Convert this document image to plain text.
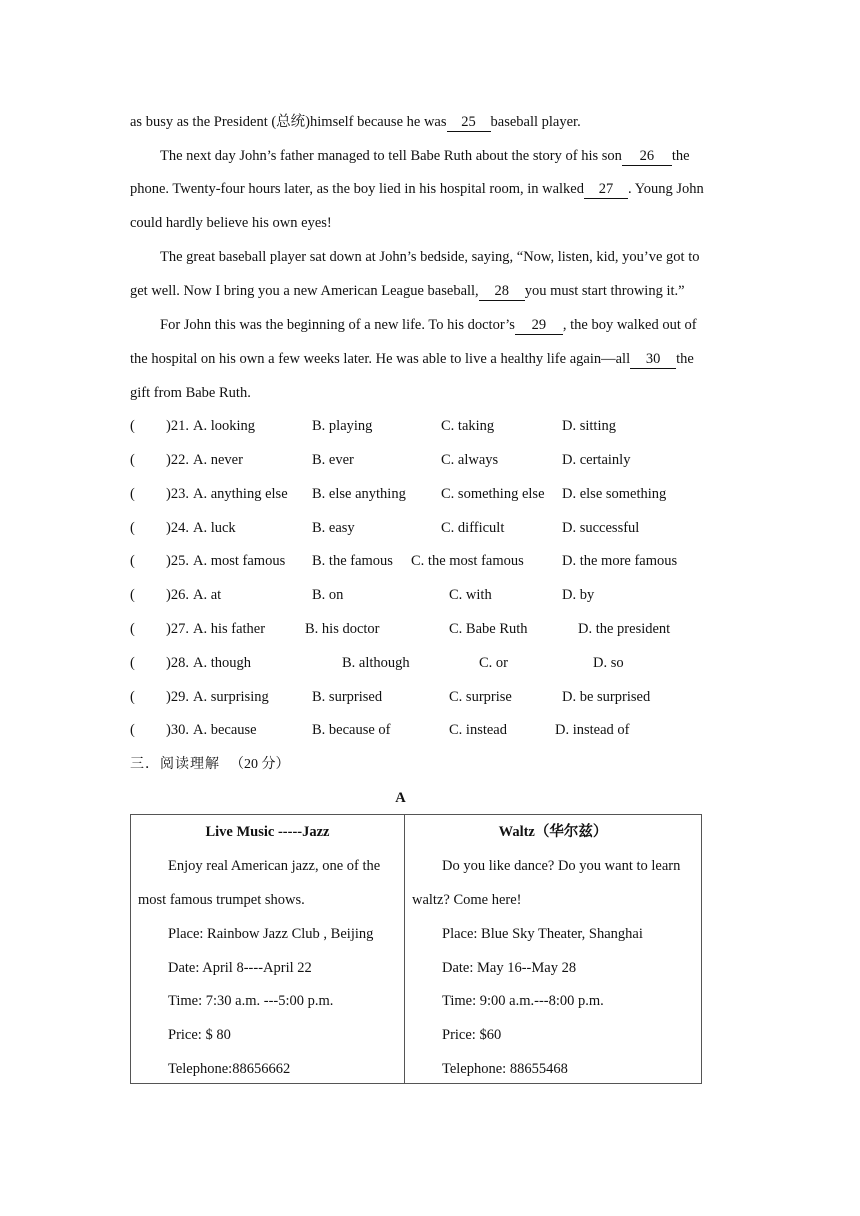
as busy as the President (总统)himself because he was 25 baseball player.
The next day John’s father managed to tell Babe Ruth about the story of his son 26 the
phone. Twenty-four hours later, as the boy lied in his hospital room, in walked 27 . Young John
could hardly believe his own eyes!
The great baseball player sat down at John’s bedside, saying, “Now, listen, kid, you’ve got to
get well. Now I bring you a new American League baseball, 28 you must start throwing it.”
For John this was the beginning of a new life. To his doctor’s 29 , the boy walked out of
the hospital on his own a few weeks later. He was able to live a healthy life again—all 30 the
gift from Babe Ruth.
( )21. A. looking	B. playing	C. taking	D. sitting
( )22. A. never	B. ever	C. always	D. certainly
( )23. A. anything else B. else anything C. something else D. else something
( )24. A. luck	B. easy	C. difficult	D. successful
( )25. A. most famous B. the famous C. the most famous	D. the more famous
( )26. A. at	B. on	C. with	D. by
( )27. A. his father	B. his doctor	C. Babe Ruth	D. the president
( )28. A. though	B. although	C. or	D. so
( )29. A. surprising	B. surprised	C. surprise	D. be surprised
( )30. A. because	B. because of	C. instead	D. instead of
三．阅读理解 （20 分）
A
Live Music -----Jazz
Enjoy real American jazz, one of the
most famous trumpet shows.
Place: Rainbow Jazz Club , Beijing
Date: April 8----April 22
Time: 7:30 a.m. ---5:00 p.m.
Price: $ 80
Telephone:88656662

Waltz（华尔兹）
Do you like dance? Do you want to learn
waltz? Come here!
Place: Blue Sky Theater, Shanghai
Date: May 16--May 28
Time: 9:00 a.m.---8:00 p.m.
Price: $60
Telephone: 88655468
